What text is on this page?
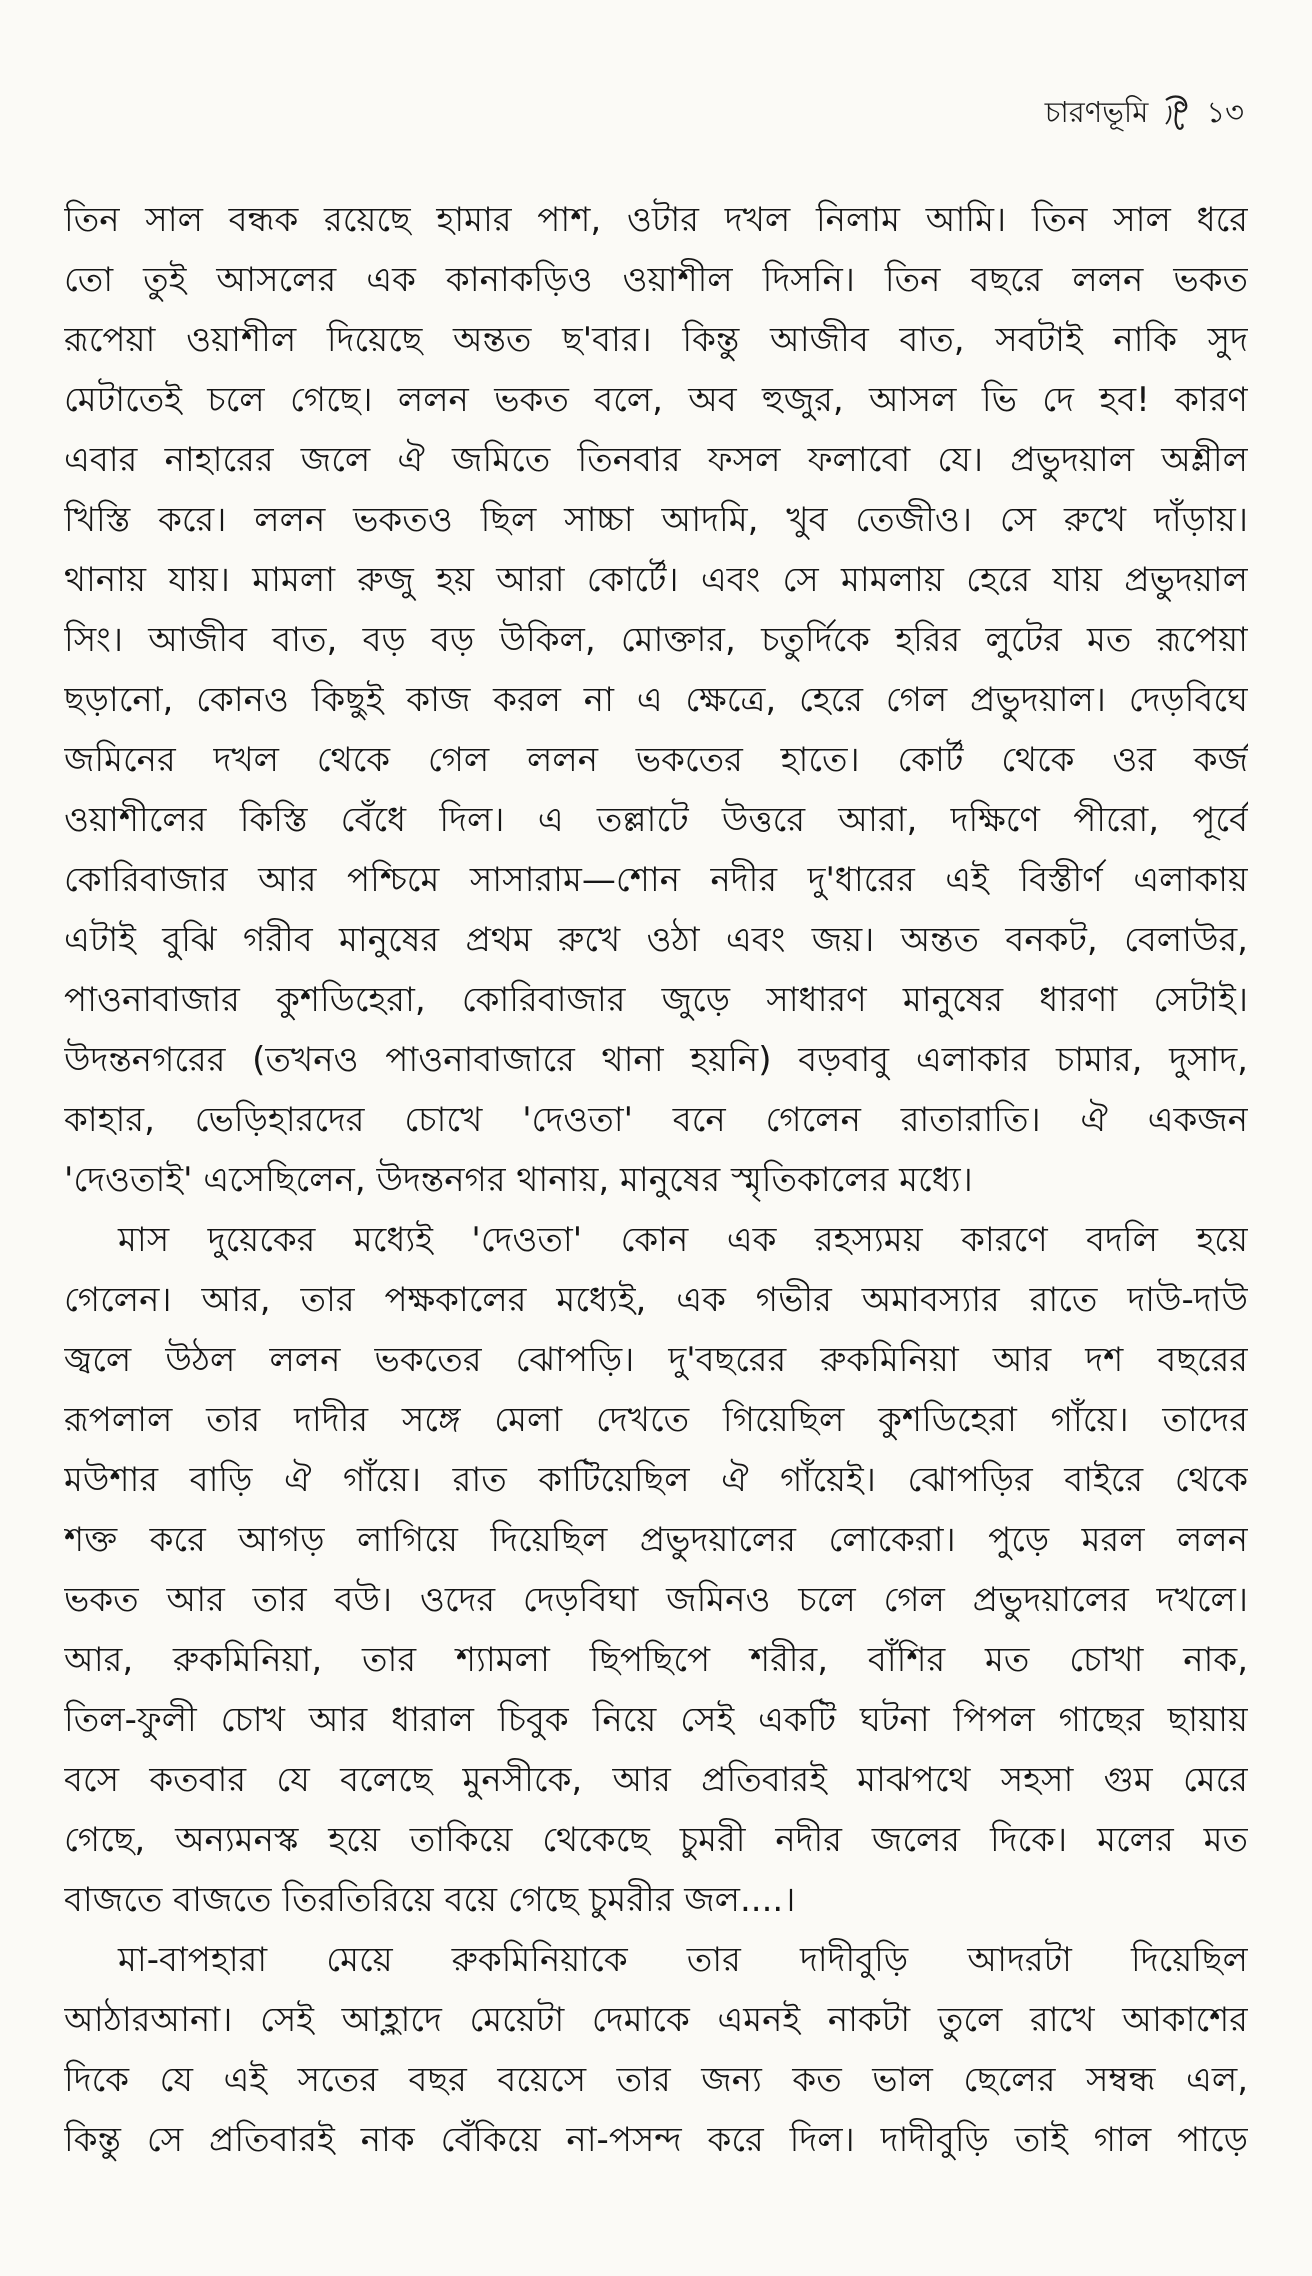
চারণভূমি ১৩
তিন সাল বন্ধক রয়েছে হামার পাশ, ওটার দখল নিলাম আমি। তিন সাল ধরে
তো তুই আসলের এক কানাকড়িও ওয়াশীল দিসনি। তিন বছরে ললন ভকত
রূপেয়া ওয়াশীল দিয়েছে অন্তত ছ'বার। কিন্তু আজীব বাত, সবটাই নাকি সুদ
মেটাতেই চলে গেছে। ললন ভকত বলে, অব হুজুর, আসল ভি দে হব! কারণ
এবার নাহারের জলে ঐ জমিতে তিনবার ফসল ফলাবো যে। প্রভুদয়াল অশ্লীল
খিস্তি করে। ললন ভকতও ছিল সাচ্চা আদমি, খুব তেজীও। সে রুখে দাঁড়ায়।
থানায় যায়। মামলা রুজু হয় আরা কোর্টে। এবং সে মামলায় হেরে যায় প্রভুদয়াল
সিং। আজীব বাত, বড় বড় উকিল, মোক্তার, চতুর্দিকে হরির লুটের মত রূপেয়া
ছড়ানো, কোনও কিছুই কাজ করল না এ ক্ষেত্রে, হেরে গেল প্রভুদয়াল। দেড়বিঘে
জমিনের দখল থেকে গেল ললন ভকতের হাতে। কোর্ট থেকে ওর কর্জ
ওয়াশীলের কিস্তি বেঁধে দিল। এ তল্লাটে উত্তরে আরা, দক্ষিণে পীরো, পূর্বে
কোরিবাজার আর পশ্চিমে সাসারাম—শোন নদীর দু'ধারের এই বিস্তীর্ণ এলাকায়
এটাই বুঝি গরীব মানুষের প্রথম রুখে ওঠা এবং জয়। অন্তত বনকট, বেলাউর,
পাওনাবাজার কুশডিহেরা, কোরিবাজার জুড়ে সাধারণ মানুষের ধারণা সেটাই।
উদন্তনগরের (তখনও পাওনাবাজারে থানা হয়নি) বড়বাবু এলাকার চামার, দুসাদ,
কাহার, ভেড়িহারদের চোখে 'দেওতা' বনে গেলেন রাতারাতি। ঐ একজন
'দেওতাই' এসেছিলেন, উদন্তনগর থানায়, মানুষের স্মৃতিকালের মধ্যে।
মাস দুয়েকের মধ্যেই 'দেওতা' কোন এক রহস্যময় কারণে বদলি হয়ে
গেলেন। আর, তার পক্ষকালের মধ্যেই, এক গভীর অমাবস্যার রাতে দাউ-দাউ
জ্বলে উঠল ললন ভকতের ঝোপড়ি। দু'বছরের রুকমিনিয়া আর দশ বছরের
রূপলাল তার দাদীর সঙ্গে মেলা দেখতে গিয়েছিল কুশডিহেরা গাঁয়ে। তাদের
মউশার বাড়ি ঐ গাঁয়ে। রাত কাটিয়েছিল ঐ গাঁয়েই। ঝোপড়ির বাইরে থেকে
শক্ত করে আগড় লাগিয়ে দিয়েছিল প্রভুদয়ালের লোকেরা। পুড়ে মরল ললন
ভকত আর তার বউ। ওদের দেড়বিঘা জমিনও চলে গেল প্রভুদয়ালের দখলে।
আর, রুকমিনিয়া, তার শ্যামলা ছিপছিপে শরীর, বাঁশির মত চোখা নাক,
তিল-ফুলী চোখ আর ধারাল চিবুক নিয়ে সেই একটি ঘটনা পিপল গাছের ছায়ায়
বসে কতবার যে বলেছে মুনসীকে, আর প্রতিবারই মাঝপথে সহসা গুম মেরে
গেছে, অন্যমনস্ক হয়ে তাকিয়ে থেকেছে চুমরী নদীর জলের দিকে। মলের মত
বাজতে বাজতে তিরতিরিয়ে বয়ে গেছে চুমরীর জল....।
মা-বাপহারা মেয়ে রুকমিনিয়াকে তার দাদীবুড়ি আদরটা দিয়েছিল
আঠারআনা। সেই আহ্লাদে মেয়েটা দেমাকে এমনই নাকটা তুলে রাখে আকাশের
দিকে যে এই সতের বছর বয়েসে তার জন্য কত ভাল ছেলের সম্বন্ধ এল,
কিন্তু সে প্রতিবারই নাক বেঁকিয়ে না-পসন্দ করে দিল। দাদীবুড়ি তাই গাল পাড়ে
